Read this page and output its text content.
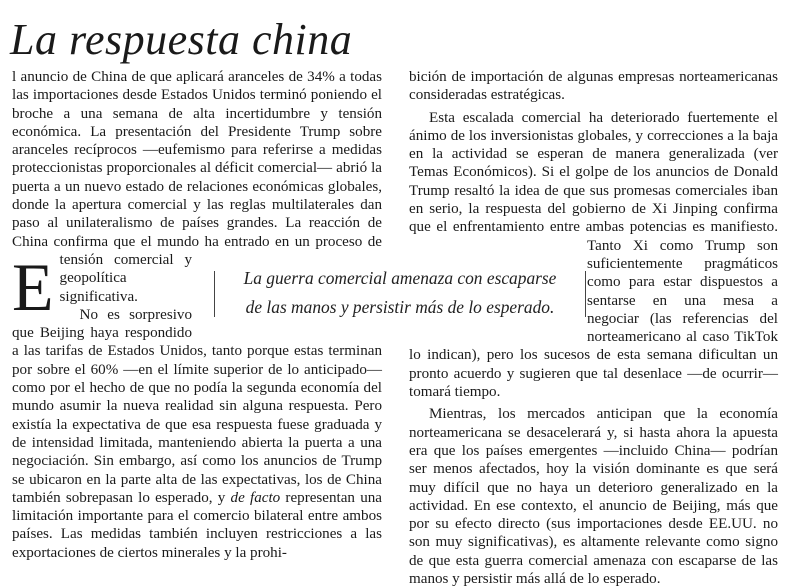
La respuesta china

E
l anuncio de China de que aplicará aranceles de 34% a todas las importaciones desde Estados Unidos terminó poniendo el broche a una semana de alta incertidumbre y tensión económica. La presentación del Presidente Trump sobre aranceles recíprocos —eufemismo para referirse a medidas proteccionistas proporcionales al déficit comercial— abrió la puerta a un nuevo estado de relaciones económicas globales, donde la apertura comercial y las reglas multilaterales dan paso al unilateralismo de países grandes. La reacción de China confirma que el mundo ha entrado en un proceso de tensión comercial y geopolítica significativa.

No es sorpresivo que Beijing haya respondido a las tarifas de Estados Unidos, tanto porque estas terminan por sobre el 60% —en el límite superior de lo anticipado— como por el hecho de que no podía la segunda economía del mundo asumir la nueva realidad sin alguna respuesta. Pero existía la expectativa de que esa respuesta fuese graduada y de intensidad limitada, manteniendo abierta la puerta a una negociación. Sin embargo, así como los anuncios de Trump se ubicaron en la parte alta de las expectativas, los de China también sobrepasan lo esperado, y de facto representan una limitación importante para el comercio bilateral entre ambos países. Las medidas también incluyen restricciones a las exportaciones de ciertos minerales y la prohi-

bición de importación de algunas empresas norteamericanas consideradas estratégicas.

Esta escalada comercial ha deteriorado fuertemente el ánimo de los inversionistas globales, y correcciones a la baja en la actividad se esperan de manera generalizada (ver Temas Económicos). Si el golpe de los anuncios de Donald Trump resaltó la idea de que sus promesas comerciales iban en serio, la respuesta del gobierno de Xi Jinping confirma que el enfrentamiento entre ambas potencias es manifiesto. Tanto Xi como Trump son suficientemente pragmáticos como para estar dispuestos a sentarse en una mesa a negociar (las referencias del norteamericano al caso TikTok lo indican), pero los sucesos de esta semana dificultan un pronto acuerdo y sugieren que tal desenlace —de ocurrir— tomará tiempo.

Mientras, los mercados anticipan que la economía norteamericana se desacelerará y, si hasta ahora la apuesta era que los países emergentes —incluido China— podrían ser menos afectados, hoy la visión dominante es que será muy difícil que no haya un deterioro generalizado en la actividad. En ese contexto, el anuncio de Beijing, más que por su efecto directo (sus importaciones desde EE.UU. no son muy significativas), es altamente relevante como signo de que esta guerra comercial amenaza con escaparse de las manos y persistir más allá de lo esperado.

La guerra comercial amenaza con escaparse
de las manos y persistir más de lo esperado.
